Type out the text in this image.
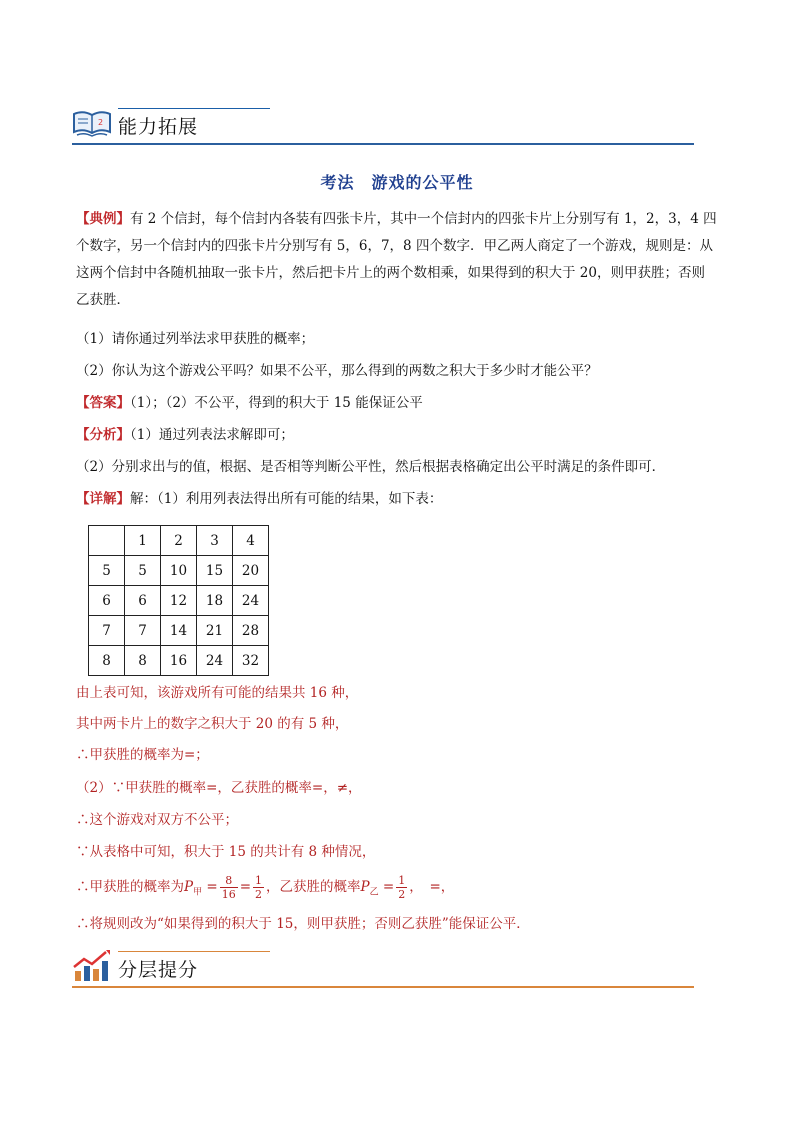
2 能力拓展
考法　游戏的公平性
【典例】有 2 个信封，每个信封内各装有四张卡片，其中一个信封内的四张卡片上分别写有 1，2，3，4 四
个数字，另一个信封内的四张卡片分别写有 5，6，7，8 四个数字．甲乙两人商定了一个游戏，规则是：从
这两个信封中各随机抽取一张卡片，然后把卡片上的两个数相乘，如果得到的积大于 20，则甲获胜；否则
乙获胜．
（1）请你通过列举法求甲获胜的概率；
（2）你认为这个游戏公平吗？如果不公平，那么得到的两数之积大于多少时才能公平？
【答案】（1）；（2）不公平，得到的积大于 15 能保证公平
【分析】（1）通过列表法求解即可；
（2）分别求出与的值，根据、是否相等判断公平性，然后根据表格确定出公平时满足的条件即可．
【详解】解：（1）利用列表法得出所有可能的结果，如下表：
	1	2	3	4
5	5	10	15	20
6	6	12	18	24
7	7	14	21	28
8	8	16	24	32
由上表可知，该游戏所有可能的结果共 16 种，
其中两卡片上的数字之积大于 20 的有 5 种，
∴甲获胜的概率为=；
（2）∵甲获胜的概率=，乙获胜的概率=，≠，
∴这个游戏对双方不公平；
∵从表格中可知，积大于 15 的共计有 8 种情况，
∴甲获胜的概率为$P_甲 = \frac{8}{16} = \frac{1}{2}$ ，乙获胜的概率$P_乙 = \frac{1}{2}$ ，　=，
∴将规则改为“如果得到的积大于 15，则甲获胜；否则乙获胜”能保证公平．
分层提分
